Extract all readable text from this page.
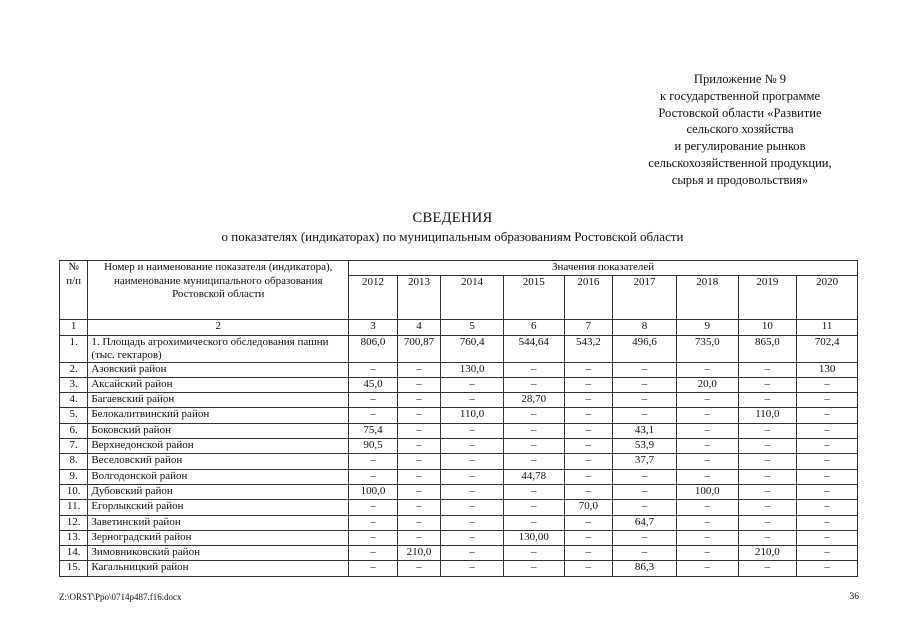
Приложение № 9
к государственной программе
Ростовской области «Развитие
сельского хозяйства
и регулирование рынков
сельскохозяйственной продукции,
сырья и продовольствия»
СВЕДЕНИЯ
о показателях (индикаторах) по муниципальным образованиям Ростовской области
№ п/п	Номер и наименование показателя (индикатора), наименование муниципального образования Ростовской области	Значения показателей								
		2012	2013	2014	2015	2016	2017	2018	2019	2020
1	2	3	4	5	6	7	8	9	10	11
1.	1. Площадь агрохимического обследования пашни (тыс. гектаров)	806,0	700,87	760,4	544,64	543,2	496,6	735,0	865,0	702,4
2.	Азовский район	–	–	130,0	–	–	–	–	–	130
3.	Аксайский район	45,0	–	–	–	–	–	20,0	–	–
4.	Багаевский район	–	–	–	28,70	–	–	–	–	–
5.	Белокалитвинский район	–	–	110,0	–	–	–	–	110,0	–
6.	Боковский район	75,4	–	–	–	–	43,1	–	–	–
7.	Верхнедонской район	90,5	–	–	–	–	53,9	–	–	–
8.	Веселовский район	–	–	–	–	–	37,7	–	–	–
9.	Волгодонской район	–	–	–	44,78	–	–	–	–	–
10.	Дубовский район	100,0	–	–	–	–	–	100,0	–	–
11.	Егорлыкский район	–	–	–	–	70,0	–	–	–	–
12.	Заветинский район	–	–	–	–	–	64,7	–	–	–
13.	Зерноградский район	–	–	–	130,00	–	–	–	–	–
14.	Зимовниковский район	–	210,0	–	–	–	–	–	210,0	–
15.	Кагальницкий район	–	–	–	–	–	86,3	–	–	–
Z:\ORST\Ppo\0714p487.f16.docx	36
